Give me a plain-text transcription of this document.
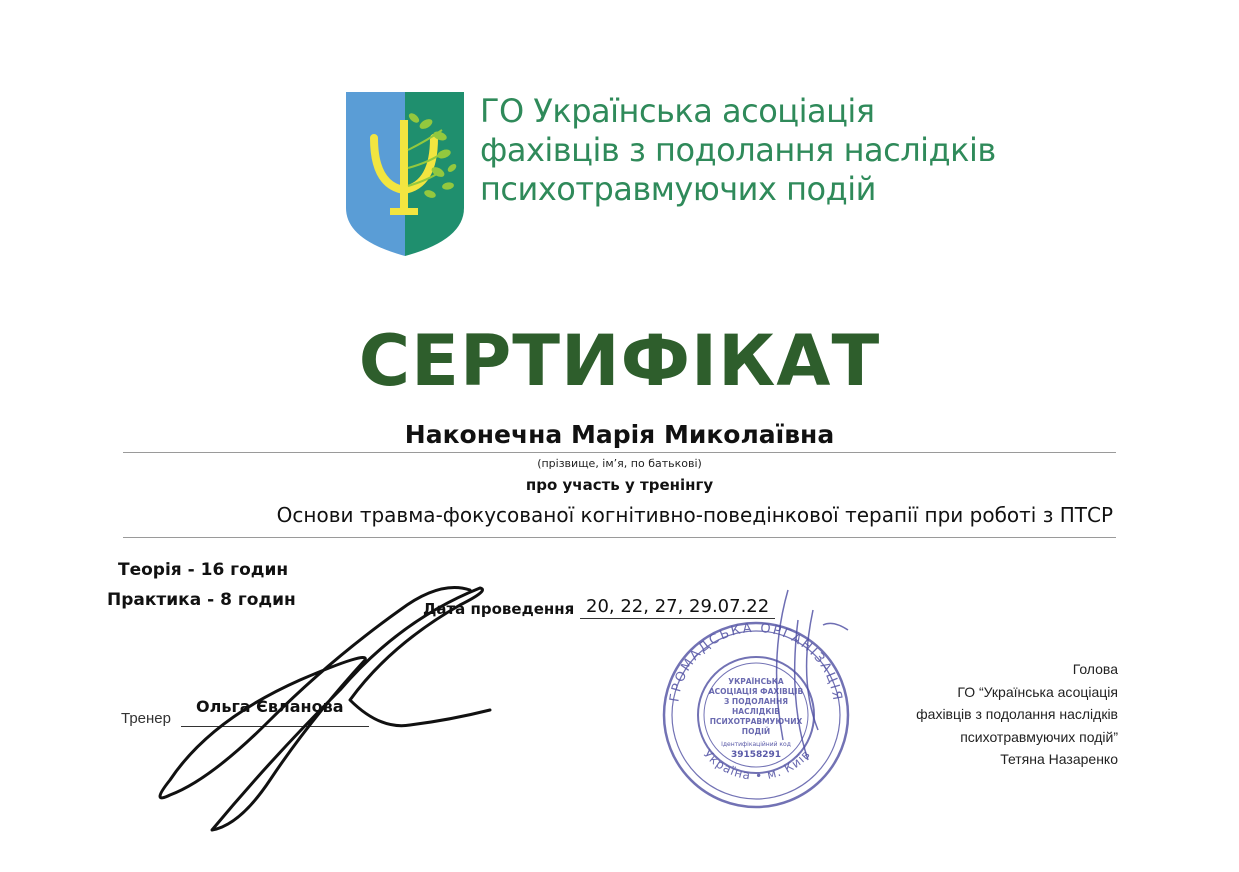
ГО Українська асоціація
фахівців з подолання наслідків
психотравмуючих подій
СЕРТИФІКАТ
Наконечна Марія Миколаївна
(прізвище, ім’я, по батькові)
про участь у тренінгу
Основи травма-фокусованої когнітивно-поведінкової терапії при роботі з ПТСР
Теорія - 16 годин
Практика - 8 годин	Дата проведення 20, 22, 27, 29.07.22
Тренер
Ольга Євланова
ГРОМАДСЬКА ОРГАНІЗАЦІЯ
Україна • м. Київ
УКРАЇНСЬКА
АСОЦІАЦІЯ ФАХІВЦІВ
З ПОДОЛАННЯ
НАСЛІДКІВ
ПСИХОТРАВМУЮЧИХ
ПОДІЙ
Ідентифікаційний код
39158291
Голова
ГО “Українська асоціація
фахівців з подолання наслідків
психотравмуючих подій”
Тетяна Назаренко
